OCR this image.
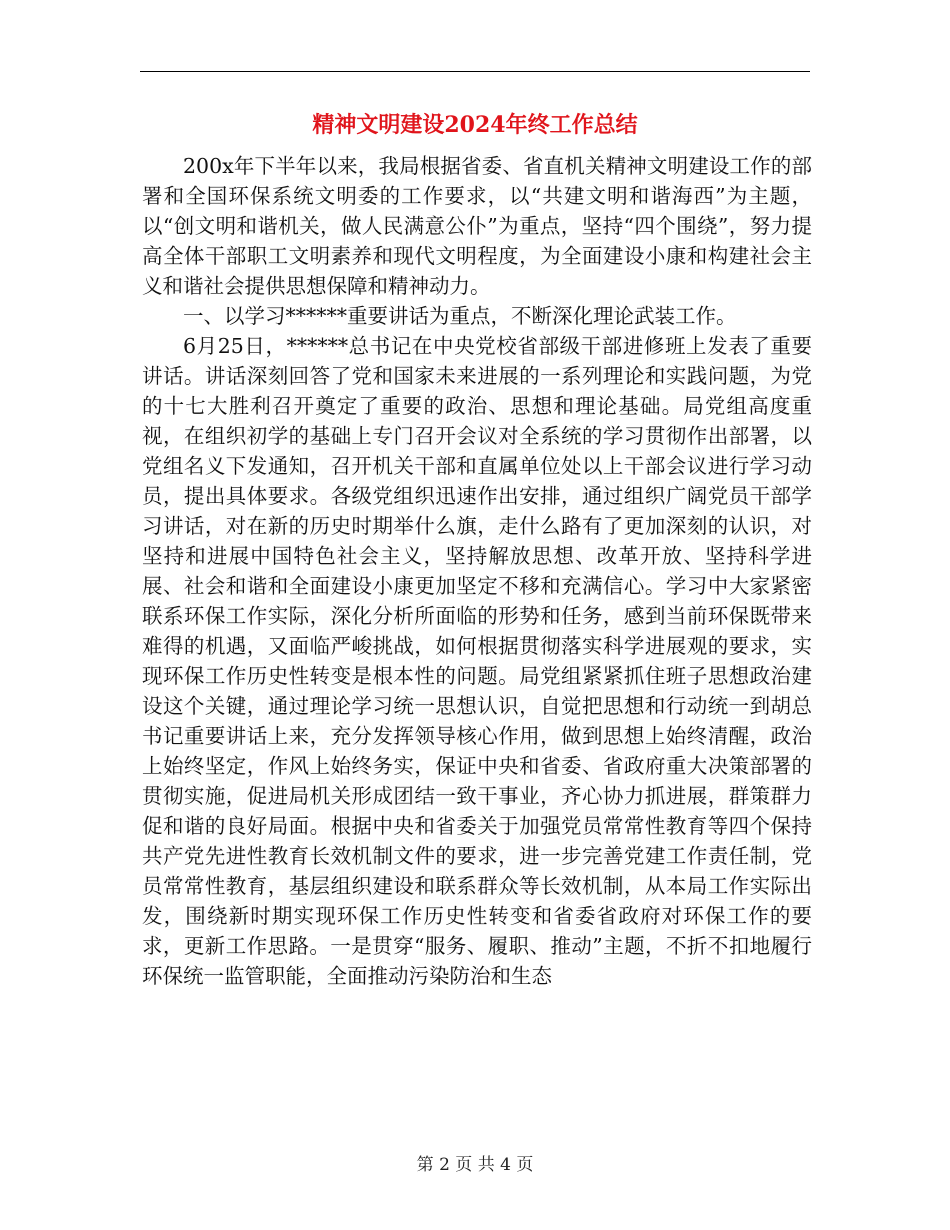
精神文明建设2024年终工作总结

200x年下半年以来，我局根据省委、省直机关精神文明建设工作的部署和全国环保系统文明委的工作要求，以“共建文明和谐海西”为主题，以“创文明和谐机关，做人民满意公仆”为重点，坚持“四个围绕”，努力提高全体干部职工文明素养和现代文明程度，为全面建设小康和构建社会主义和谐社会提供思想保障和精神动力。

一、以学习******重要讲话为重点，不断深化理论武装工作。

6月25日，******总书记在中央党校省部级干部进修班上发表了重要讲话。讲话深刻回答了党和国家未来进展的一系列理论和实践问题，为党的十七大胜利召开奠定了重要的政治、思想和理论基础。局党组高度重视，在组织初学的基础上专门召开会议对全系统的学习贯彻作出部署，以党组名义下发通知，召开机关干部和直属单位处以上干部会议进行学习动员，提出具体要求。各级党组织迅速作出安排，通过组织广阔党员干部学习讲话，对在新的历史时期举什么旗，走什么路有了更加深刻的认识，对坚持和进展中国特色社会主义，坚持解放思想、改革开放、坚持科学进展、社会和谐和全面建设小康更加坚定不移和充满信心。学习中大家紧密联系环保工作实际，深化分析所面临的形势和任务，感到当前环保既带来难得的机遇，又面临严峻挑战，如何根据贯彻落实科学进展观的要求，实现环保工作历史性转变是根本性的问题。局党组紧紧抓住班子思想政治建设这个关键，通过理论学习统一思想认识，自觉把思想和行动统一到胡总书记重要讲话上来，充分发挥领导核心作用，做到思想上始终清醒，政治上始终坚定，作风上始终务实，保证中央和省委、省政府重大决策部署的贯彻实施，促进局机关形成团结一致干事业，齐心协力抓进展，群策群力促和谐的良好局面。根据中央和省委关于加强党员常常性教育等四个保持共产党先进性教育长效机制文件的要求，进一步完善党建工作责任制，党员常常性教育，基层组织建设和联系群众等长效机制，从本局工作实际出发，围绕新时期实现环保工作历史性转变和省委省政府对环保工作的要求，更新工作思路。一是贯穿“服务、履职、推动”主题，不折不扣地履行环保统一监管职能，全面推动污染防治和生态

第 2 页 共 4 页
